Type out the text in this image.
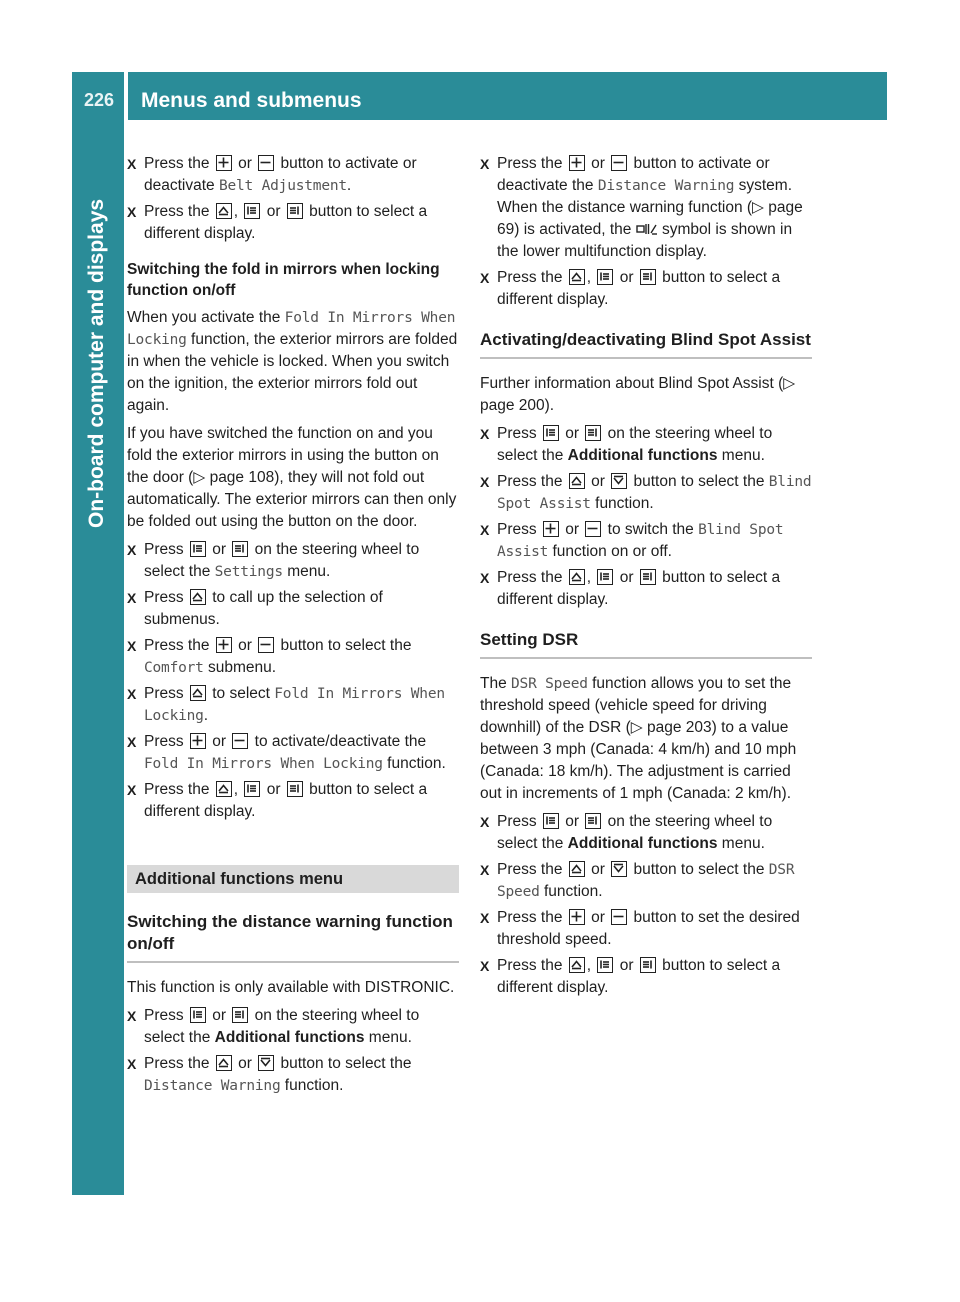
226 Menus and submenus
On-board computer and displays
X Press the
or
button to activate or deactivate Belt Adjustment.
X Press the
,
or
button to select a different display.
Switching the fold in mirrors when locking function on/off

When you activate the Fold In Mirrors When Locking function, the exterior mirrors are folded in when the vehicle is locked. When you switch on the ignition, the exterior mirrors fold out again.

If you have switched the function on and you fold the exterior mirrors in using the button on the door (▷ page 108), they will not fold out automatically. The exterior mirrors can then only be folded out using the button on the door.

X Press
or
on the steering wheel to select the Settings menu.
X Press
to call up the selection of submenus.
X Press the
or
button to select the Comfort submenu.
X Press
to select Fold In Mirrors When Locking.
X Press
or
to activate/deactivate the Fold In Mirrors When Locking function.
X Press the
,
or
button to select a different display.
Additional functions menu
Switching the distance warning function on/off

This function is only available with DISTRONIC.

X Press
or
on the steering wheel to select the Additional functions menu.
X Press the
or
button to select the Distance Warning function.
X Press the
or
button to activate or deactivate the Distance Warning system.
When the distance warning function (▷ page 69) is activated, the  symbol is shown in the lower multifunction display.
X Press the
,
or
button to select a different display.
Activating/deactivating Blind Spot Assist

Further information about Blind Spot Assist (▷ page 200).

X Press
or
on the steering wheel to select the Additional functions menu.
X Press the
or
button to select the Blind Spot Assist function.
X Press
or
to switch the Blind Spot Assist function on or off.
X Press the
,
or
button to select a different display.
Setting DSR

The DSR Speed function allows you to set the threshold speed (vehicle speed for driving downhill) of the DSR (▷ page 203) to a value between 3 mph (Canada: 4 km/h) and 10 mph (Canada: 18 km/h). The adjustment is carried out in increments of 1 mph (Canada: 2 km/h).

X Press
or
on the steering wheel to select the Additional functions menu.
X Press the
or
button to select the DSR Speed function.
X Press the
or
button to set the desired threshold speed.
X Press the
,
or
button to select a different display.
